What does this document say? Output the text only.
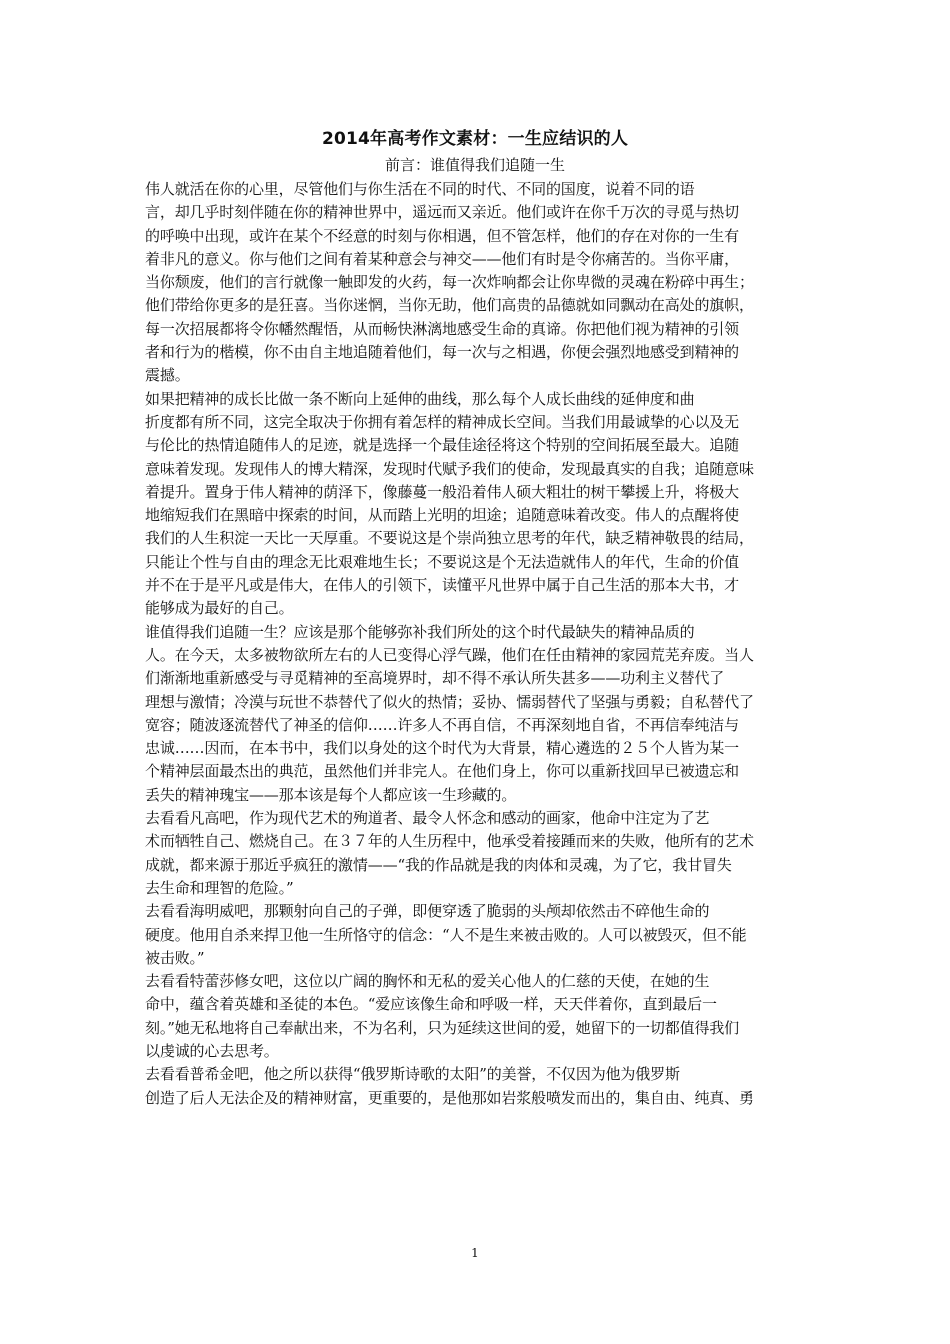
2014年高考作文素材：一生应结识的人
前言：谁值得我们追随一生
伟人就活在你的心里，尽管他们与你生活在不同的时代、不同的国度，说着不同的语
言，却几乎时刻伴随在你的精神世界中，遥远而又亲近。他们或许在你千万次的寻觅与热切
的呼唤中出现，或许在某个不经意的时刻与你相遇，但不管怎样，他们的存在对你的一生有
着非凡的意义。你与他们之间有着某种意会与神交——他们有时是令你痛苦的。当你平庸，
当你颓废，他们的言行就像一触即发的火药，每一次炸响都会让你卑微的灵魂在粉碎中再生；
他们带给你更多的是狂喜。当你迷惘，当你无助，他们高贵的品德就如同飘动在高处的旗帜，
每一次招展都将令你幡然醒悟，从而畅快淋漓地感受生命的真谛。你把他们视为精神的引领
者和行为的楷模，你不由自主地追随着他们，每一次与之相遇，你便会强烈地感受到精神的
震撼。
如果把精神的成长比做一条不断向上延伸的曲线，那么每个人成长曲线的延伸度和曲
折度都有所不同，这完全取决于你拥有着怎样的精神成长空间。当我们用最诚挚的心以及无
与伦比的热情追随伟人的足迹，就是选择一个最佳途径将这个特别的空间拓展至最大。追随
意味着发现。发现伟人的博大精深，发现时代赋予我们的使命，发现最真实的自我；追随意味
着提升。置身于伟人精神的荫泽下，像藤蔓一般沿着伟人硕大粗壮的树干攀援上升，将极大
地缩短我们在黑暗中探索的时间，从而踏上光明的坦途；追随意味着改变。伟人的点醒将使
我们的人生积淀一天比一天厚重。不要说这是个崇尚独立思考的年代，缺乏精神敬畏的结局，
只能让个性与自由的理念无比艰难地生长；不要说这是个无法造就伟人的年代，生命的价值
并不在于是平凡或是伟大，在伟人的引领下，读懂平凡世界中属于自己生活的那本大书，才
能够成为最好的自己。
谁值得我们追随一生？应该是那个能够弥补我们所处的这个时代最缺失的精神品质的
人。在今天，太多被物欲所左右的人已变得心浮气躁，他们在任由精神的家园荒芜弃废。当人
们渐渐地重新感受与寻觅精神的至高境界时，却不得不承认所失甚多——功利主义替代了
理想与激情；冷漠与玩世不恭替代了似火的热情；妥协、懦弱替代了坚强与勇毅；自私替代了
宽容；随波逐流替代了神圣的信仰……许多人不再自信，不再深刻地自省，不再信奉纯洁与
忠诚……因而，在本书中，我们以身处的这个时代为大背景，精心遴选的２５个人皆为某一
个精神层面最杰出的典范，虽然他们并非完人。在他们身上，你可以重新找回早已被遗忘和
丢失的精神瑰宝——那本该是每个人都应该一生珍藏的。
去看看凡高吧，作为现代艺术的殉道者、最令人怀念和感动的画家，他命中注定为了艺
术而牺牲自己、燃烧自己。在３７年的人生历程中，他承受着接踵而来的失败，他所有的艺术
成就，都来源于那近乎疯狂的激情——“我的作品就是我的肉体和灵魂，为了它，我甘冒失
去生命和理智的危险。”
去看看海明威吧，那颗射向自己的子弹，即便穿透了脆弱的头颅却依然击不碎他生命的
硬度。他用自杀来捍卫他一生所恪守的信念：“人不是生来被击败的。人可以被毁灭，但不能
被击败。”
去看看特蕾莎修女吧，这位以广阔的胸怀和无私的爱关心他人的仁慈的天使，在她的生
命中，蕴含着英雄和圣徒的本色。“爱应该像生命和呼吸一样，天天伴着你，直到最后一
刻。”她无私地将自己奉献出来，不为名利，只为延续这世间的爱，她留下的一切都值得我们
以虔诚的心去思考。
去看看普希金吧，他之所以获得“俄罗斯诗歌的太阳”的美誉，不仅因为他为俄罗斯
创造了后人无法企及的精神财富，更重要的，是他那如岩浆般喷发而出的，集自由、纯真、勇
1
